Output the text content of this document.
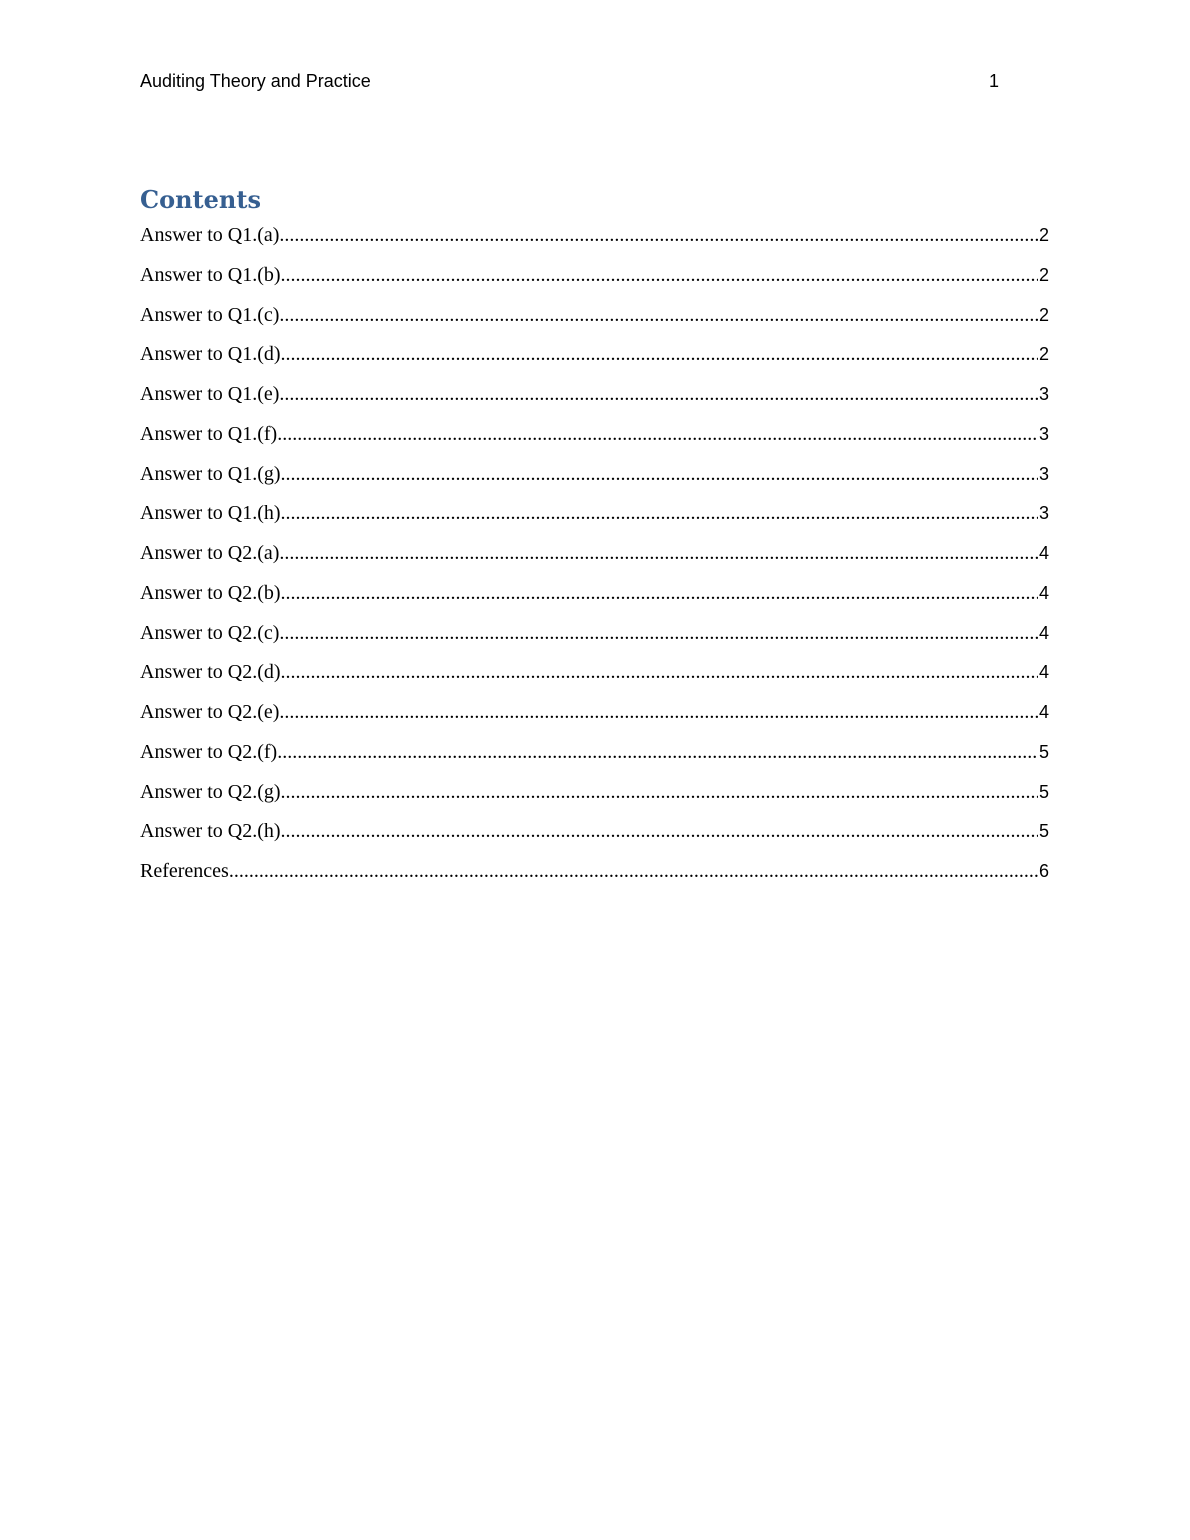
Auditing Theory and Practice	1
Contents
Answer to Q1.(a) .....	2
Answer to Q1.(b) .....	2
Answer to Q1.(c) .....	2
Answer to Q1.(d) .....	2
Answer to Q1.(e) .....	3
Answer to Q1.(f) .....	3
Answer to Q1.(g) .....	3
Answer to Q1.(h) .....	3
Answer to Q2.(a) .....	4
Answer to Q2.(b) .....	4
Answer to Q2.(c) .....	4
Answer to Q2.(d) .....	4
Answer to Q2.(e) .....	4
Answer to Q2.(f) .....	5
Answer to Q2.(g) .....	5
Answer to Q2.(h) .....	5
References .....	6
